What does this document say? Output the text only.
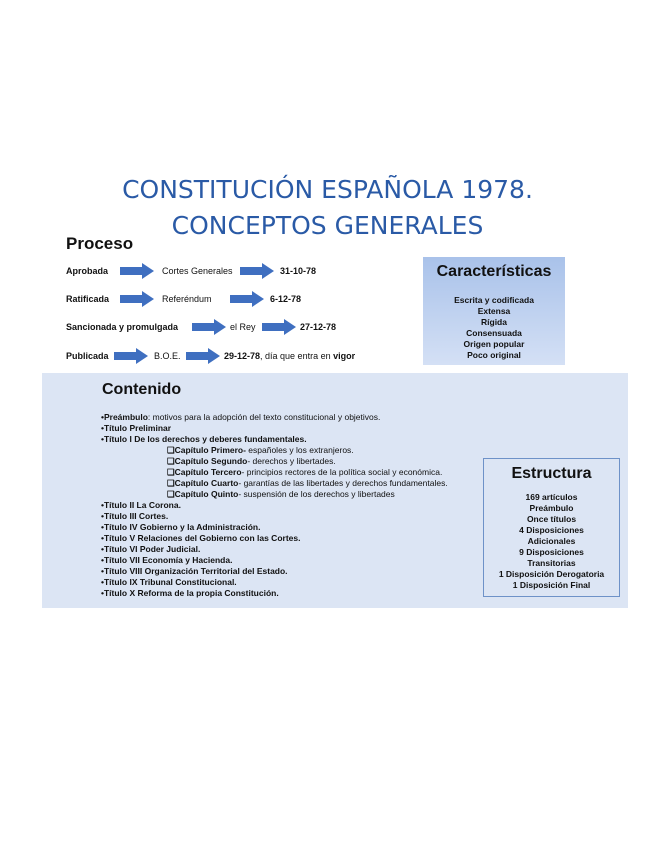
CONSTITUCIÓN ESPAÑOLA 1978.
CONCEPTOS GENERALES
Proceso
Aprobada	Cortes Generales	31-10-78
Ratificada	Referéndum	6-12-78
Sancionada y promulgada	el Rey	27-12-78
Publicada	B.O.E.	29-12-78, día que entra en vigor
Características
Escrita y codificada
Extensa
Rígida
Consensuada
Origen popular
Poco original
Contenido
•Preámbulo: motivos para la adopción del texto constitucional y objetivos.
•Título Preliminar
•Título I De los derechos y deberes fundamentales.
❑Capítulo Primero- españoles y los extranjeros.
❑Capítulo Segundo- derechos y libertades.
❑Capítulo Tercero- principios rectores de la política social y económica.
❑Capítulo Cuarto- garantías de las libertades y derechos fundamentales.
❑Capítulo Quinto- suspensión de los derechos y libertades
•Título II La Corona.
•Título III Cortes.
•Título IV Gobierno y la Administración.
•Título V Relaciones del Gobierno con las Cortes.
•Título VI Poder Judicial.
•Título VII Economía y Hacienda.
•Título VIII Organización Territorial del Estado.
•Título IX Tribunal Constitucional.
•Título X Reforma de la propia Constitución.
Estructura
169 artículos
Preámbulo
Once títulos
4 Disposiciones
Adicionales
9 Disposiciones
Transitorias
1 Disposición Derogatoria
1 Disposición Final
